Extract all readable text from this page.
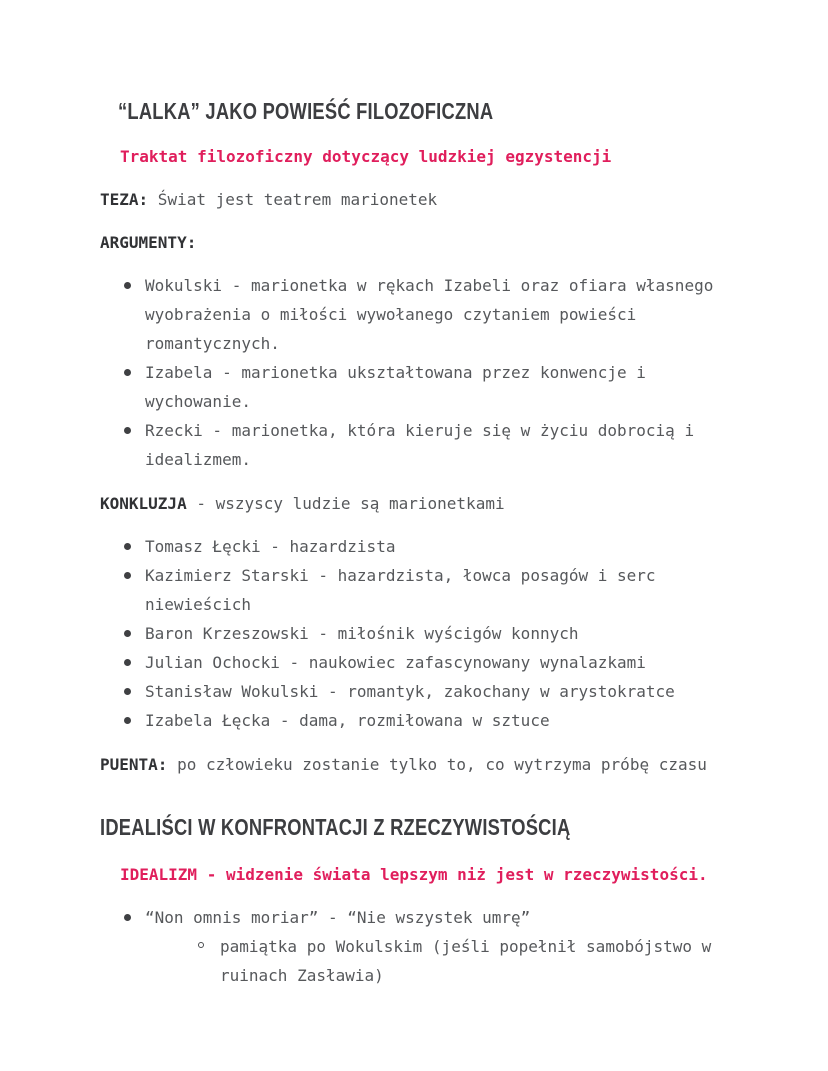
“LALKA” JAKO POWIEŚĆ FILOZOFICZNA

Traktat filozoficzny dotyczący ludzkiej egzystencji

TEZA: Świat jest teatrem marionetek

ARGUMENTY:

Wokulski - marionetka w rękach Izabeli oraz ofiara własnego wyobrażenia o miłości wywołanego czytaniem powieści romantycznych.
Izabela - marionetka ukształtowana przez konwencje i wychowanie.
Rzecki - marionetka, która kieruje się w życiu dobrocią i idealizmem.

KONKLUZJA - wszyscy ludzie są marionetkami

Tomasz Łęcki - hazardzista
Kazimierz Starski - hazardzista, łowca posagów i serc niewieścich
Baron Krzeszowski - miłośnik wyścigów konnych
Julian Ochocki - naukowiec zafascynowany wynalazkami
Stanisław Wokulski - romantyk, zakochany w arystokratce
Izabela Łęcka - dama, rozmiłowana w sztuce

PUENTA: po człowieku zostanie tylko to, co wytrzyma próbę czasu

IDEALIŚCI W KONFRONTACJI Z RZECZYWISTOŚCIĄ

IDEALIZM - widzenie świata lepszym niż jest w rzeczywistości.

“Non omnis moriar” - “Nie wszystek umrę”
pamiątka po Wokulskim (jeśli popełnił samobójstwo w ruinach Zasławia)
